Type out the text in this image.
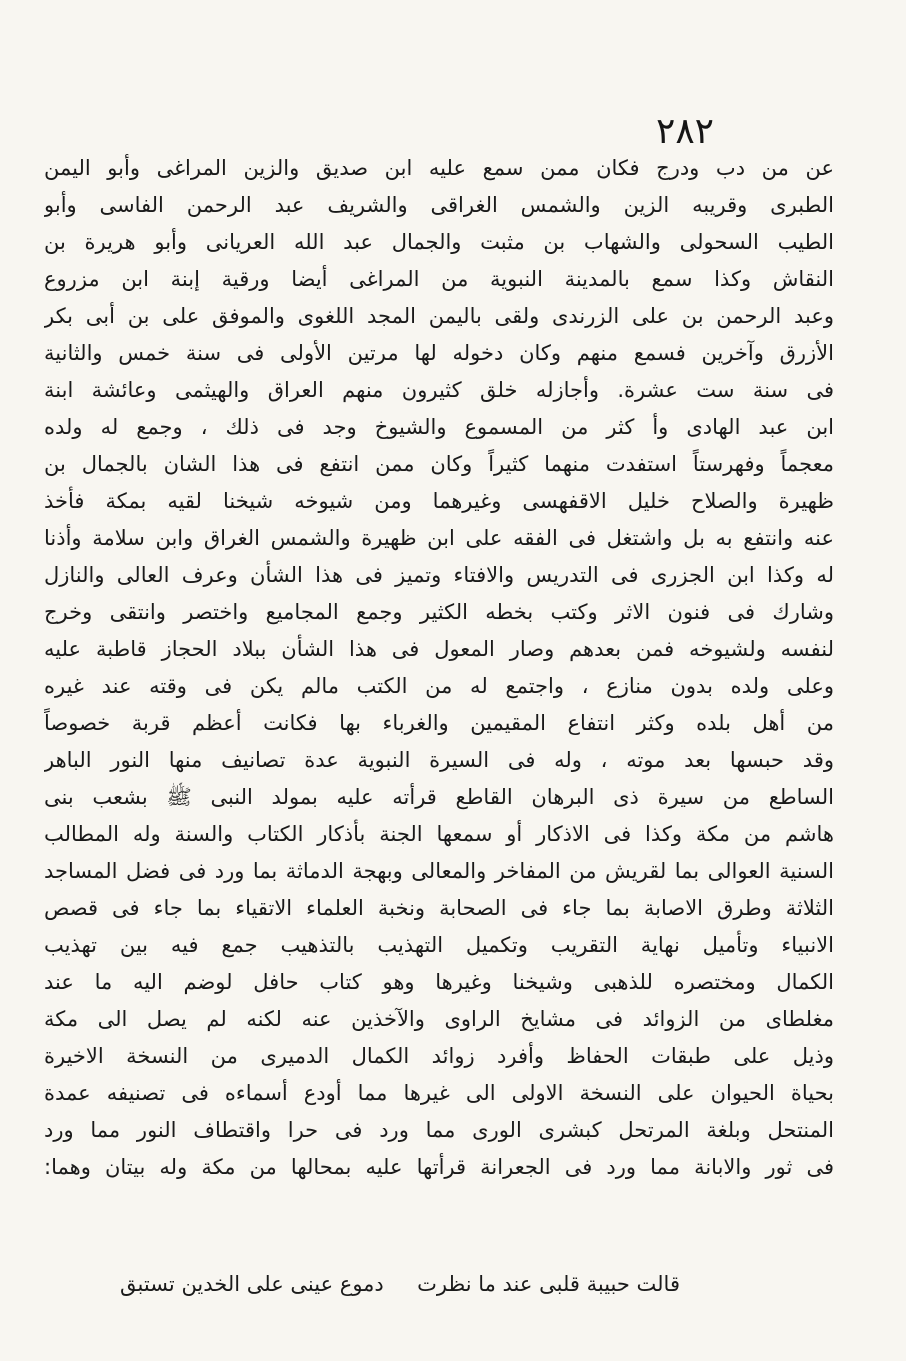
٢٨٢
عن من دب ودرج فكان ممن سمع عليه ابن صديق والزين المراغى وأبو اليمن
الطبرى وقريبه الزين والشمس الغراقى والشريف عبد الرحمن الفاسى وأبو
الطيب السحولى والشهاب بن مثبت والجمال عبد الله العريانى وأبو هريرة بن
النقاش وكذا سمع بالمدينة النبوية من المراغى أيضا ورقية إبنة ابن مزروع
وعبد الرحمن بن على الزرندى ولقى باليمن المجد اللغوى والموفق على بن أبى بكر
الأزرق وآخرين فسمع منهم وكان دخوله لها مرتين الأولى فى سنة خمس والثانية
فى سنة ست عشرة. وأجازله خلق كثيرون منهم العراق والهيثمى وعائشة ابنة
ابن عبد الهادى وأ كثر من المسموع والشيوخ وجد فى ذلك ، وجمع له ولده
معجماً وفهرستاً استفدت منهما كثيراً وكان ممن انتفع فى هذا الشان بالجمال بن
ظهيرة والصلاح خليل الاقفهسى وغيرهما ومن شيوخه شيخنا لقيه بمكة فأخذ
عنه وانتفع به بل واشتغل فى الفقه على ابن ظهيرة والشمس الغراق وابن سلامة وأذنا
له وكذا ابن الجزرى فى التدريس والافتاء وتميز فى هذا الشأن وعرف العالى والنازل
وشارك فى فنون الاثر وكتب بخطه الكثير وجمع المجاميع واختصر وانتقى وخرج
لنفسه ولشيوخه فمن بعدهم وصار المعول فى هذا الشأن ببلاد الحجاز قاطبة عليه
وعلى ولده بدون منازع ، واجتمع له من الكتب مالم يكن فى وقته عند غيره
من أهل بلده وكثر انتفاع المقيمين والغرباء بها فكانت أعظم قربة خصوصاً
وقد حبسها بعد موته ، وله فى السيرة النبوية عدة تصانيف منها النور الباهر
الساطع من سيرة ذى البرهان القاطع قرأته عليه بمولد النبى ﷺ بشعب بنى
هاشم من مكة وكذا فى الاذكار أو سمعها الجنة بأذكار الكتاب والسنة وله المطالب
السنية العوالى بما لقريش من المفاخر والمعالى وبهجة الدماثة بما ورد فى فضل المساجد
الثلاثة وطرق الاصابة بما جاء فى الصحابة ونخبة العلماء الاتقياء بما جاء فى قصص
الانبياء وتأميل نهاية التقريب وتكميل التهذيب بالتذهيب جمع فيه بين تهذيب
الكمال ومختصره للذهبى وشيخنا وغيرها وهو كتاب حافل لوضم اليه ما عند
مغلطاى من الزوائد فى مشايخ الراوى والآخذين عنه لكنه لم يصل الى مكة
وذيل على طبقات الحفاظ وأفرد زوائد الكمال الدميرى من النسخة الاخيرة
بحياة الحيوان على النسخة الاولى الى غيرها مما أودع أسماءه فى تصنيفه عمدة
المنتحل وبلغة المرتحل كبشرى الورى مما ورد فى حرا واقتطاف النور مما ورد
فى ثور والابانة مما ورد فى الجعرانة قرأتها عليه بمحالها من مكة وله بيتان وهما:
قالت حبيبة قلبى عند ما نظرت
دموع عينى على الخدين تستبق
